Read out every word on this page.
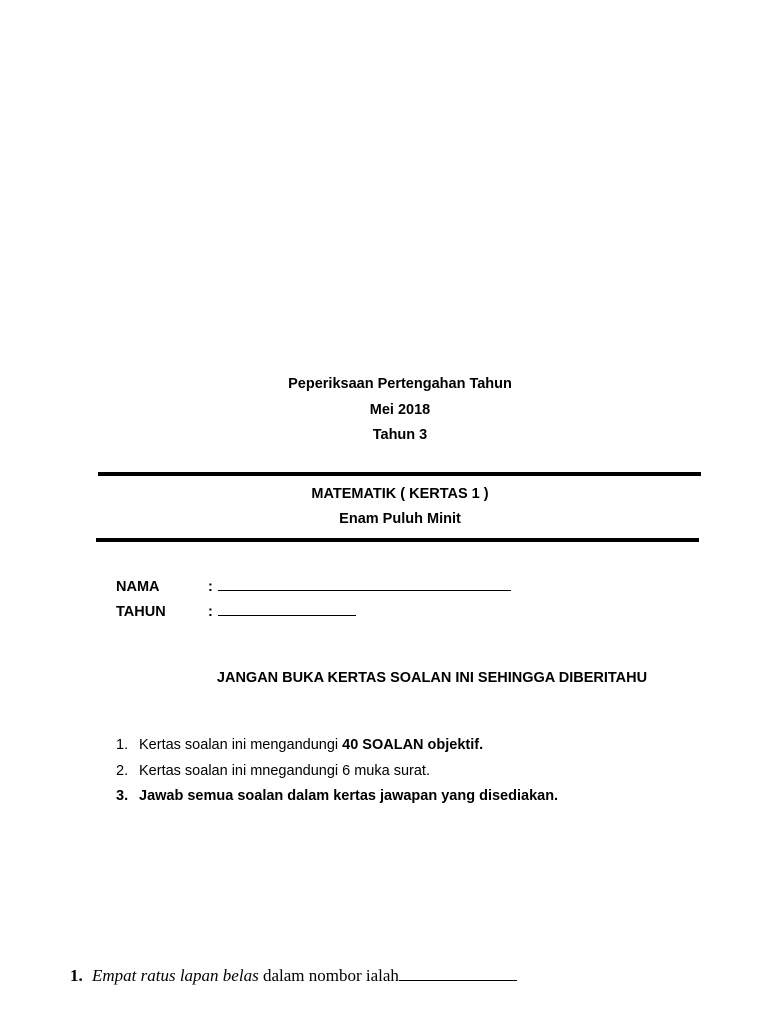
Peperiksaan Pertengahan Tahun
Mei 2018
Tahun 3
MATEMATIK ( KERTAS 1 )
Enam Puluh Minit
NAMA	:
TAHUN	:
JANGAN BUKA KERTAS SOALAN INI SEHINGGA DIBERITAHU
1. Kertas soalan ini mengandungi 40 SOALAN objektif.
2. Kertas soalan ini mnegandungi 6 muka surat.
3. Jawab semua soalan dalam kertas jawapan yang disediakan.
1. Empat ratus lapan belas dalam nombor ialah
